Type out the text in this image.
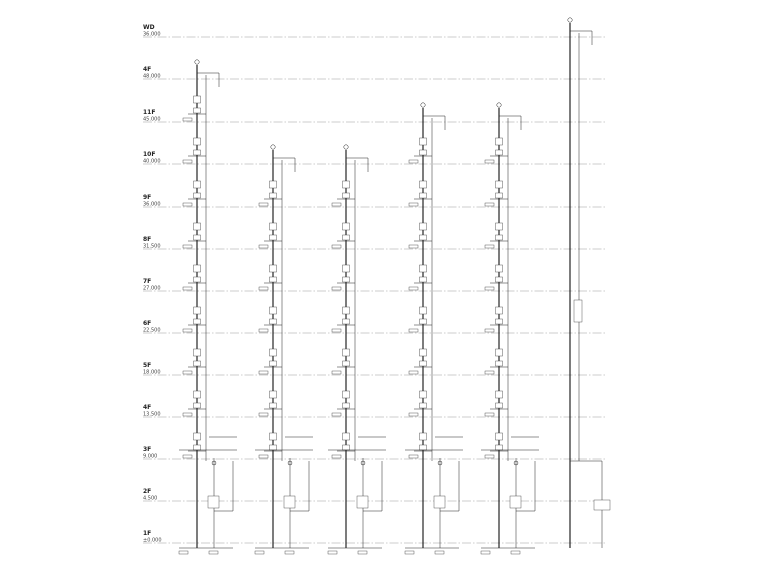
WD
36.000
4F
48.000
11F
45.000
10F
40.000
9F
36.000
8F
31.500
7F
27.000
6F
22.500
5F
18.000
4F
13.500
3F
9.000
2F
4.500
1F
±0.000
